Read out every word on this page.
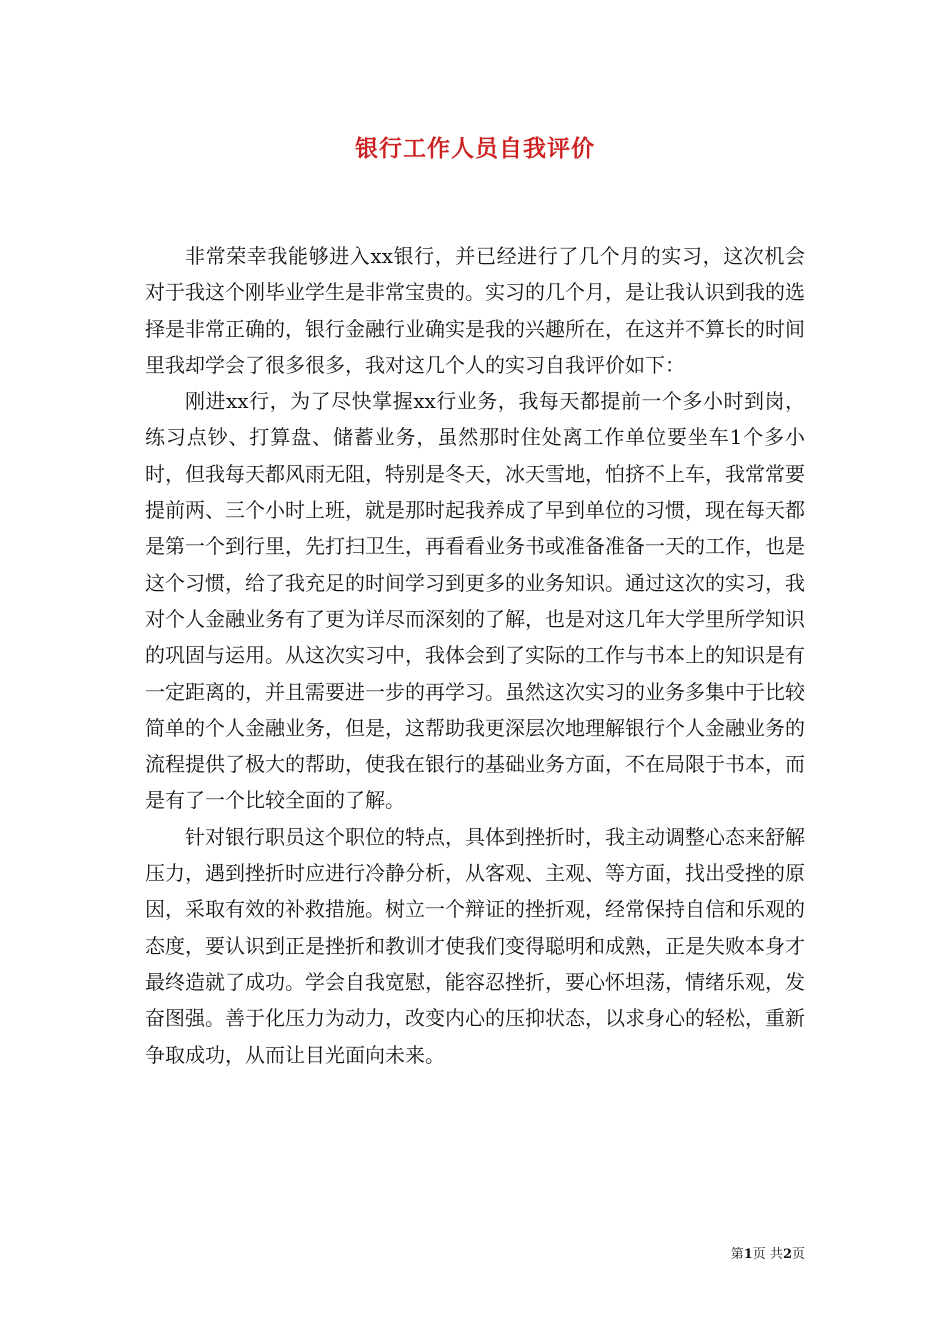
银行工作人员自我评价

非常荣幸我能够进入xx银行，并已经进行了几个月的实习，这次机会对于我这个刚毕业学生是非常宝贵的。实习的几个月，是让我认识到我的选择是非常正确的，银行金融行业确实是我的兴趣所在，在这并不算长的时间里我却学会了很多很多，我对这几个人的实习自我评价如下：

刚进xx行，为了尽快掌握xx行业务，我每天都提前一个多小时到岗，练习点钞、打算盘、储蓄业务，虽然那时住处离工作单位要坐车1个多小时，但我每天都风雨无阻，特别是冬天，冰天雪地，怕挤不上车，我常常要提前两、三个小时上班，就是那时起我养成了早到单位的习惯，现在每天都是第一个到行里，先打扫卫生，再看看业务书或准备准备一天的工作，也是这个习惯，给了我充足的时间学习到更多的业务知识。通过这次的实习，我对个人金融业务有了更为详尽而深刻的了解，也是对这几年大学里所学知识的巩固与运用。从这次实习中，我体会到了实际的工作与书本上的知识是有一定距离的，并且需要进一步的再学习。虽然这次实习的业务多集中于比较简单的个人金融业务，但是，这帮助我更深层次地理解银行个人金融业务的流程提供了极大的帮助，使我在银行的基础业务方面，不在局限于书本，而是有了一个比较全面的了解。

针对银行职员这个职位的特点，具体到挫折时，我主动调整心态来舒解压力，遇到挫折时应进行冷静分析，从客观、主观、等方面，找出受挫的原因，采取有效的补救措施。树立一个辩证的挫折观，经常保持自信和乐观的态度，要认识到正是挫折和教训才使我们变得聪明和成熟，正是失败本身才最终造就了成功。学会自我宽慰，能容忍挫折，要心怀坦荡，情绪乐观，发奋图强。善于化压力为动力，改变内心的压抑状态，以求身心的轻松，重新争取成功，从而让目光面向未来。

第1页 共2页
